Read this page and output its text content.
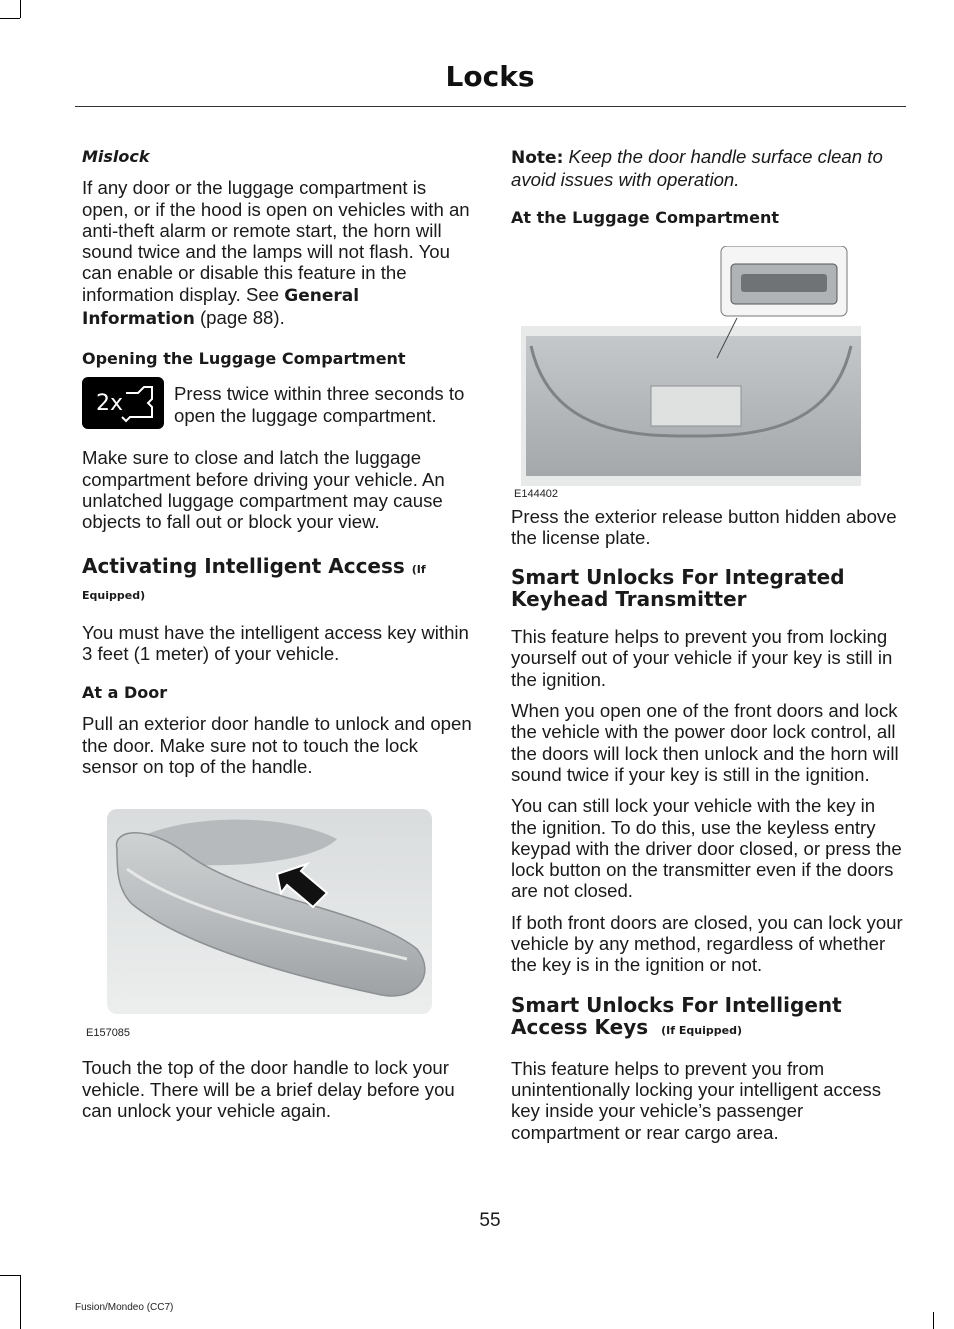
Locks

Mislock

If any door or the luggage compartment is open, or if the hood is open on vehicles with an anti-theft alarm or remote start, the horn will sound twice and the lamps will not flash. You can enable or disable this feature in the information display. See General Information (page 88).

Opening the Luggage Compartment

2x	Press twice within three seconds to open the luggage compartment.

Make sure to close and latch the luggage compartment before driving your vehicle. An unlatched luggage compartment may cause objects to fall out or block your view.

Activating Intelligent Access (If

Equipped)

You must have the intelligent access key within 3 feet (1 meter) of your vehicle.

At a Door

Pull an exterior door handle to unlock and open the door. Make sure not to touch the lock sensor on top of the handle.

E157085

Touch the top of the door handle to lock your vehicle. There will be a brief delay before you can unlock your vehicle again.

Note: Keep the door handle surface clean to avoid issues with operation.

At the Luggage Compartment

E144402

Press the exterior release button hidden above the license plate.

Smart Unlocks For Integrated Keyhead Transmitter

This feature helps to prevent you from locking yourself out of your vehicle if your key is still in the ignition.

When you open one of the front doors and lock the vehicle with the power door lock control, all the doors will lock then unlock and the horn will sound twice if your key is still in the ignition.

You can still lock your vehicle with the key in the ignition. To do this, use the keyless entry keypad with the driver door closed, or press the lock button on the transmitter even if the doors are not closed.

If both front doors are closed, you can lock your vehicle by any method, regardless of whether the key is in the ignition or not.

Smart Unlocks For Intelligent Access Keys (If Equipped)

This feature helps to prevent you from unintentionally locking your intelligent access key inside your vehicle’s passenger compartment or rear cargo area.

55
Fusion/Mondeo (CC7)
